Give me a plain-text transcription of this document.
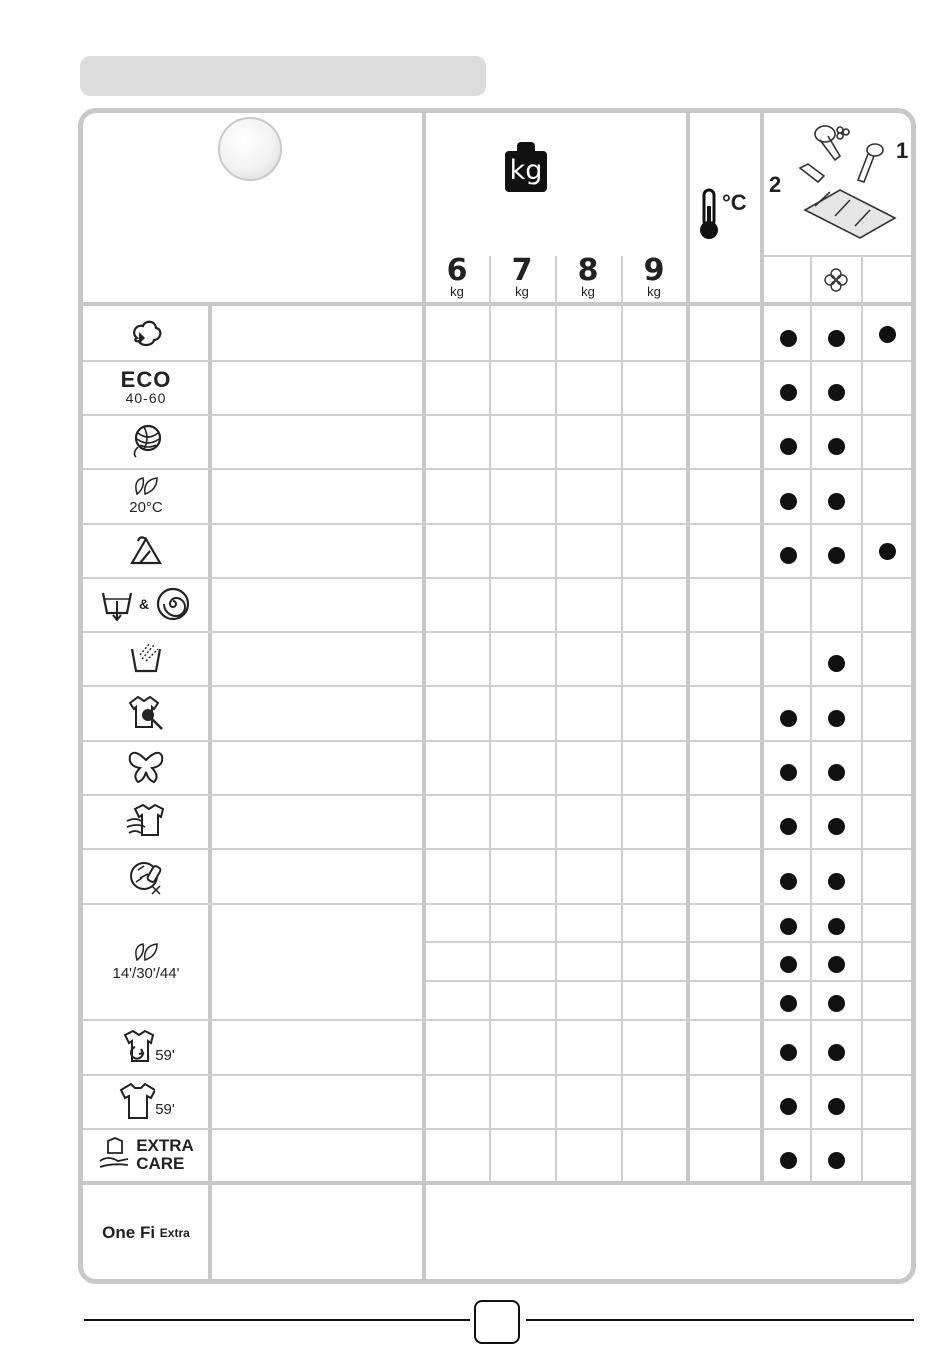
kg
6
kg
7
kg
8
kg
9
kg
°C
2
1
ECO
40-60
20°C
&
14'/30'/44'
59'
59'
EXTRA
CARE
One Fi
Extra
